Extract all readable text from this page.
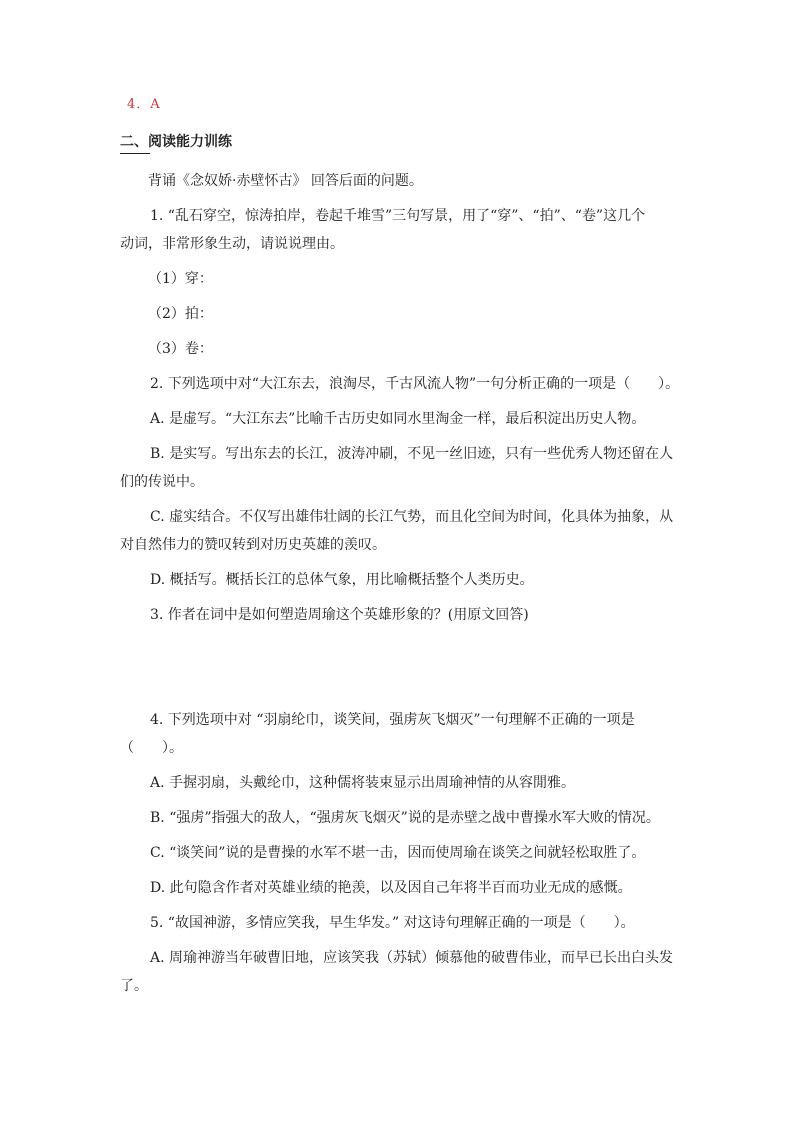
4．A
二、阅读能力训练
背诵《念奴娇·赤壁怀古》 回答后面的问题。
1. “乱石穿空，惊涛拍岸，卷起千堆雪”三句写景，用了“穿”、“拍”、“卷”这几个
动词，非常形象生动，请说说理由。
（1）穿：
（2）拍：
（3）卷：
2. 下列选项中对“大江东去，浪淘尽，千古风流人物”一句分析正确的一项是（　　）。
A. 是虚写。“大江东去”比喻千古历史如同水里淘金一样，最后积淀出历史人物。
B. 是实写。写出东去的长江，波涛冲刷，不见一丝旧迹，只有一些优秀人物还留在人
们的传说中。
C. 虚实结合。不仅写出雄伟壮阔的长江气势，而且化空间为时间，化具体为抽象，从
对自然伟力的赞叹转到对历史英雄的羡叹。
D. 概括写。概括长江的总体气象，用比喻概括整个人类历史。
3. 作者在词中是如何塑造周瑜这个英雄形象的？(用原文回答)
4. 下列选项中对 “羽扇纶巾，谈笑间，强虏灰飞烟灭”一句理解不正确的一项是
（　　）。
A. 手握羽扇，头戴纶巾，这种儒将装束显示出周瑜神情的从容閒雅。
B. “强虏”指强大的敌人，“强虏灰飞烟灭”说的是赤壁之战中曹操水军大败的情况。
C. “谈笑间”说的是曹操的水军不堪一击，因而使周瑜在谈笑之间就轻松取胜了。
D. 此句隐含作者对英雄业绩的艳羡，以及因自己年将半百而功业无成的感慨。
5. “故国神游，多情应笑我，早生华发。” 对这诗句理解正确的一项是（　　）。
A. 周瑜神游当年破曹旧地，应该笑我（苏轼）倾慕他的破曹伟业，而早已长出白头发
了。
